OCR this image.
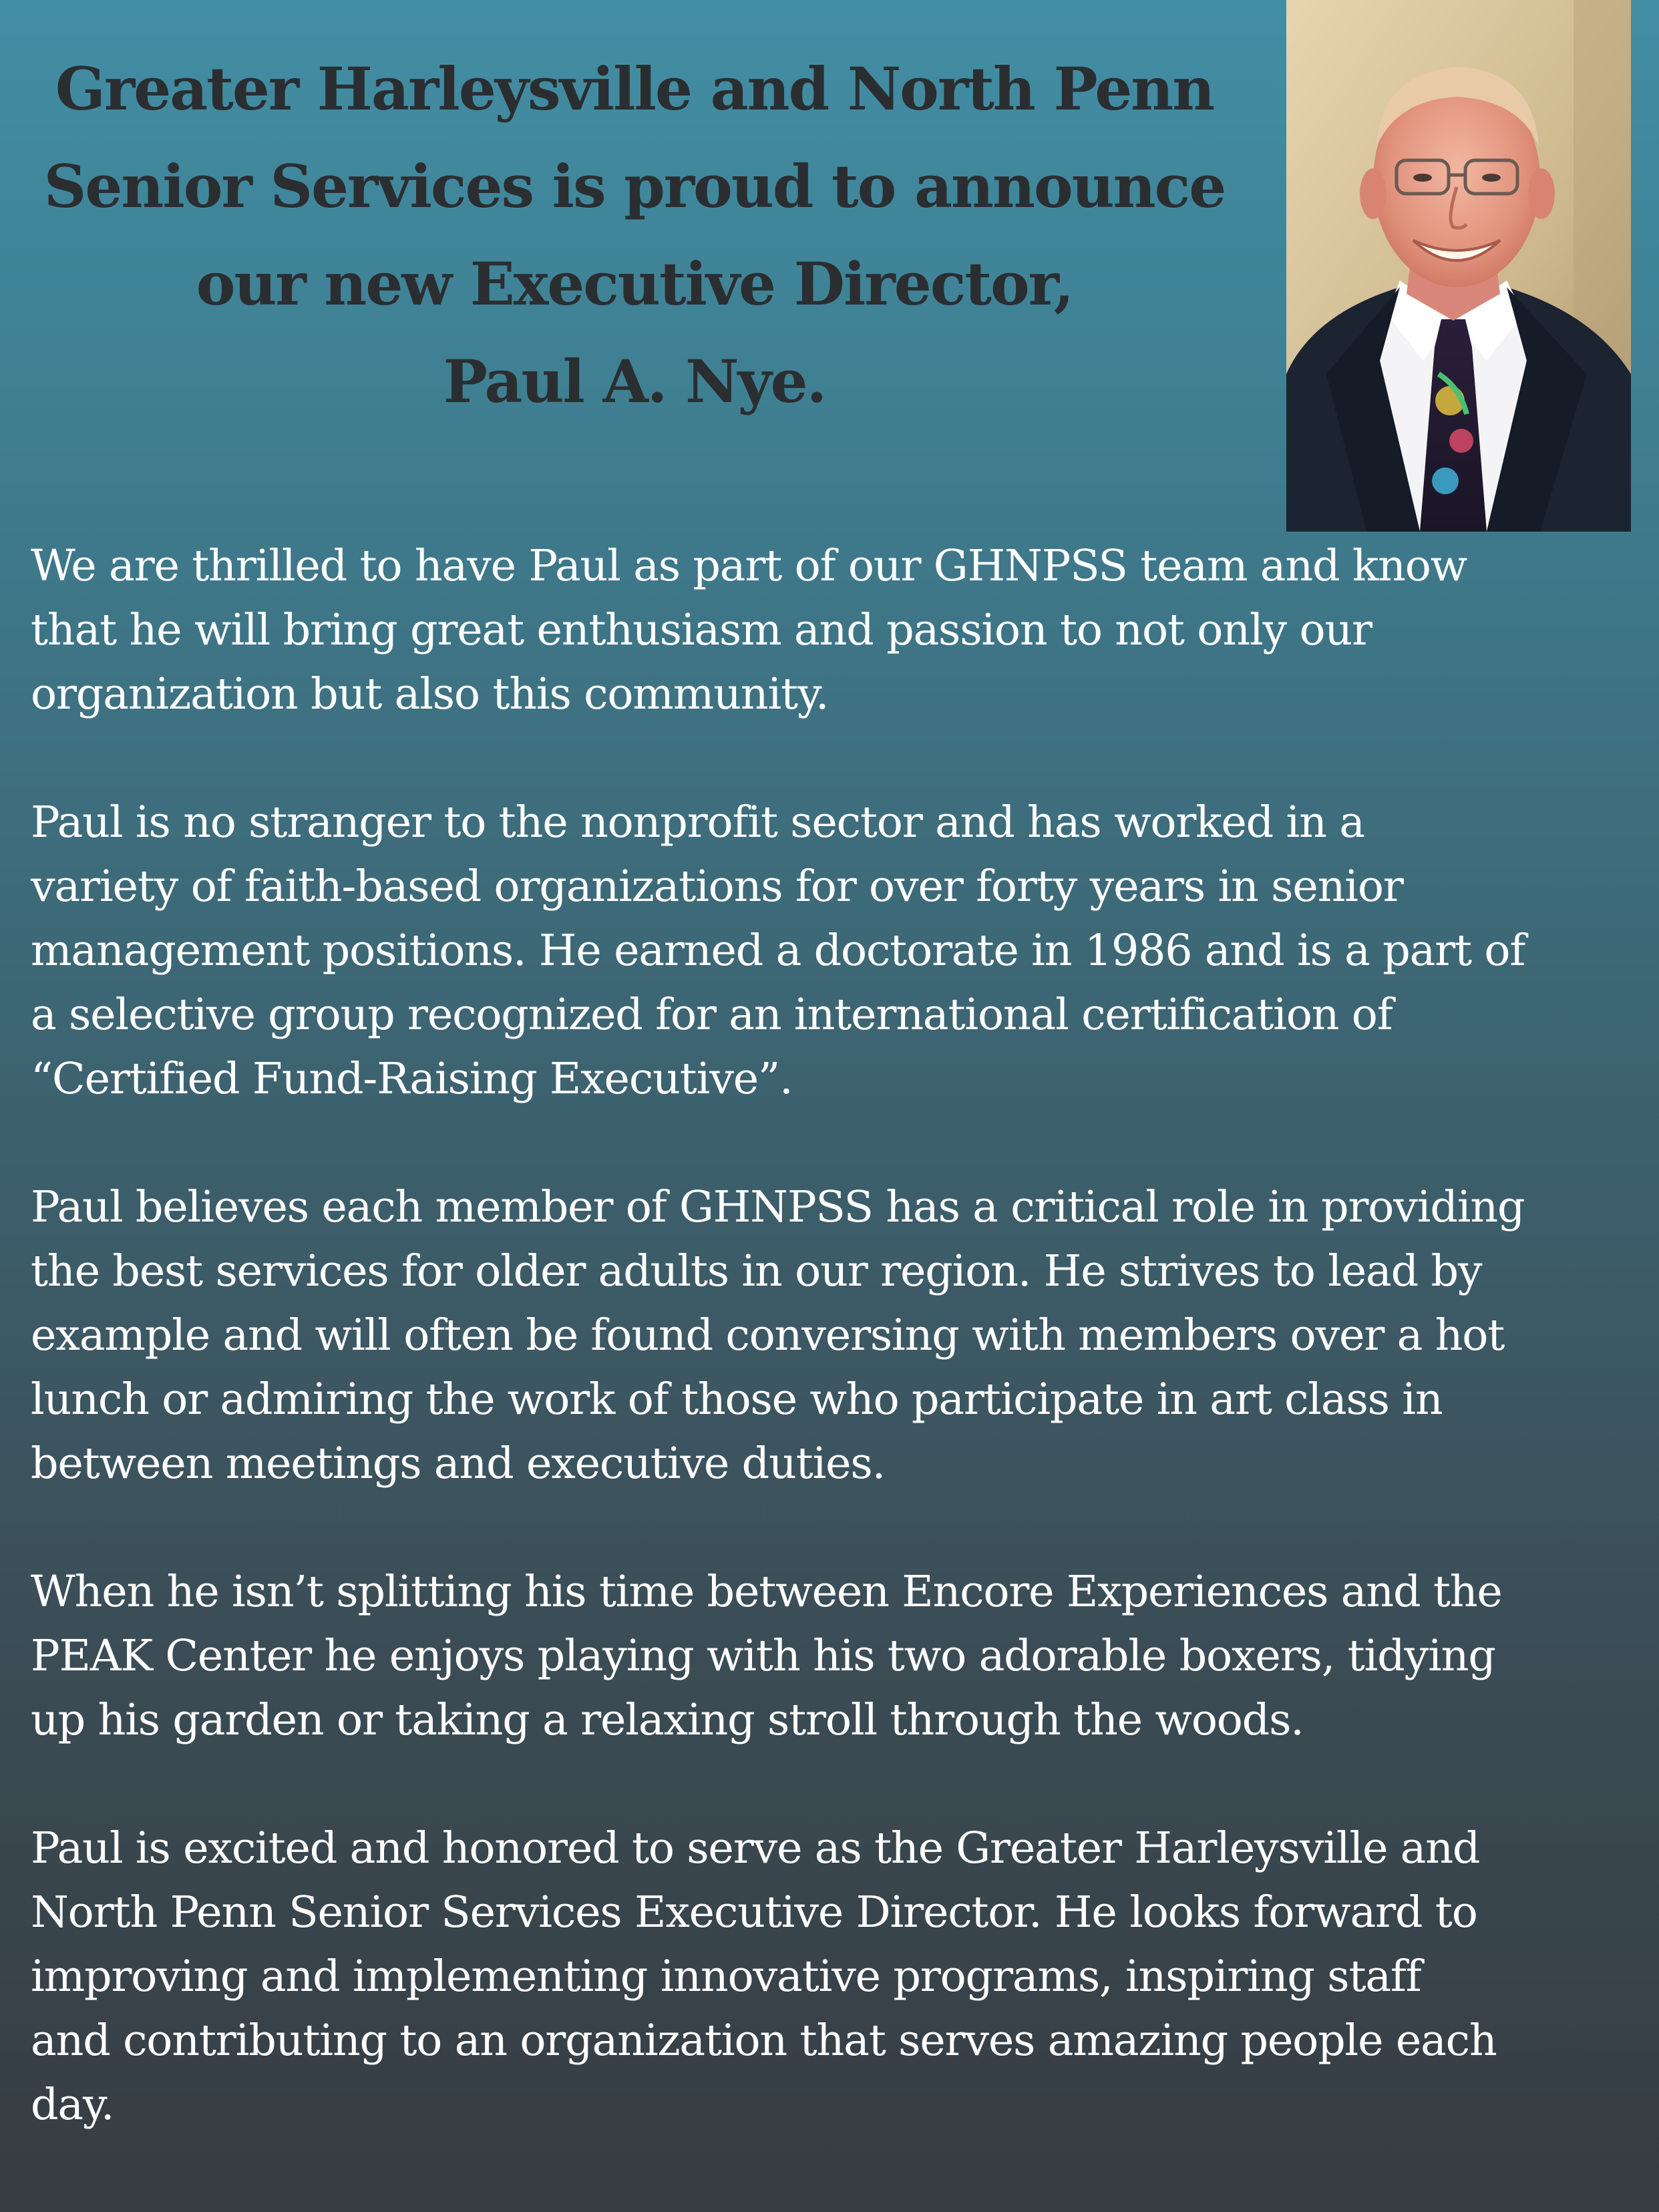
Greater Harleysville and North Penn
Senior Services is proud to announce
our new Executive Director,
Paul A. Nye.

We are thrilled to have Paul as part of our GHNPSS team and know
that he will bring great enthusiasm and passion to not only our
organization but also this community.

Paul is no stranger to the nonprofit sector and has worked in a
variety of faith-based organizations for over forty years in senior
management positions. He earned a doctorate in 1986 and is a part of
a selective group recognized for an international certification of
“Certified Fund-Raising Executive”.

Paul believes each member of GHNPSS has a critical role in providing
the best services for older adults in our region. He strives to lead by
example and will often be found conversing with members over a hot
lunch or admiring the work of those who participate in art class in
between meetings and executive duties.

When he isn’t splitting his time between Encore Experiences and the
PEAK Center he enjoys playing with his two adorable boxers, tidying
up his garden or taking a relaxing stroll through the woods.

Paul is excited and honored to serve as the Greater Harleysville and
North Penn Senior Services Executive Director. He looks forward to
improving and implementing innovative programs, inspiring staff
and contributing to an organization that serves amazing people each
day.
